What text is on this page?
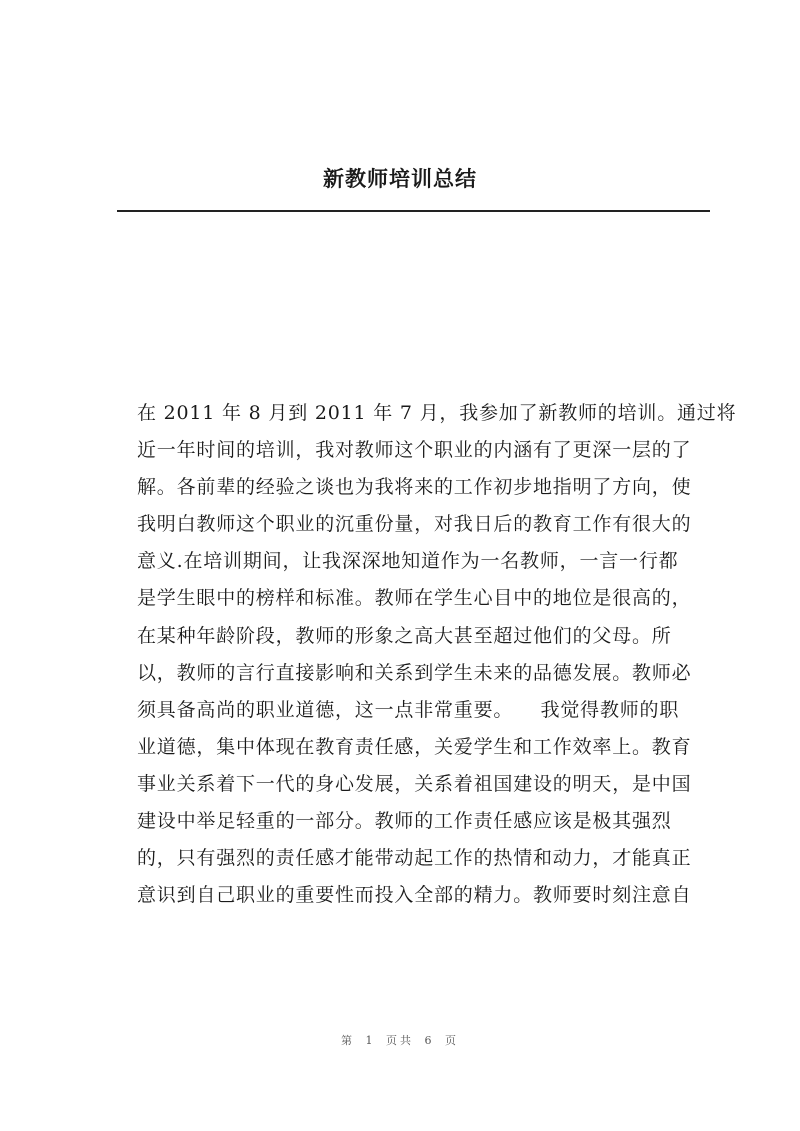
新教师培训总结
在 2011 年 8 月到 2011 年 7 月，我参加了新教师的培训。通过将
近一年时间的培训，我对教师这个职业的内涵有了更深一层的了
解。各前辈的经验之谈也为我将来的工作初步地指明了方向，使
我明白教师这个职业的沉重份量，对我日后的教育工作有很大的
意义.在培训期间，让我深深地知道作为一名教师，一言一行都
是学生眼中的榜样和标准。教师在学生心目中的地位是很高的，
在某种年龄阶段，教师的形象之高大甚至超过他们的父母。所
以，教师的言行直接影响和关系到学生未来的品德发展。教师必
须具备高尚的职业道德，这一点非常重要。    我觉得教师的职
业道德，集中体现在教育责任感，关爱学生和工作效率上。教育
事业关系着下一代的身心发展，关系着祖国建设的明天，是中国
建设中举足轻重的一部分。教师的工作责任感应该是极其强烈
的，只有强烈的责任感才能带动起工作的热情和动力，才能真正
意识到自己职业的重要性而投入全部的精力。教师要时刻注意自
第 1 页共 6 页
